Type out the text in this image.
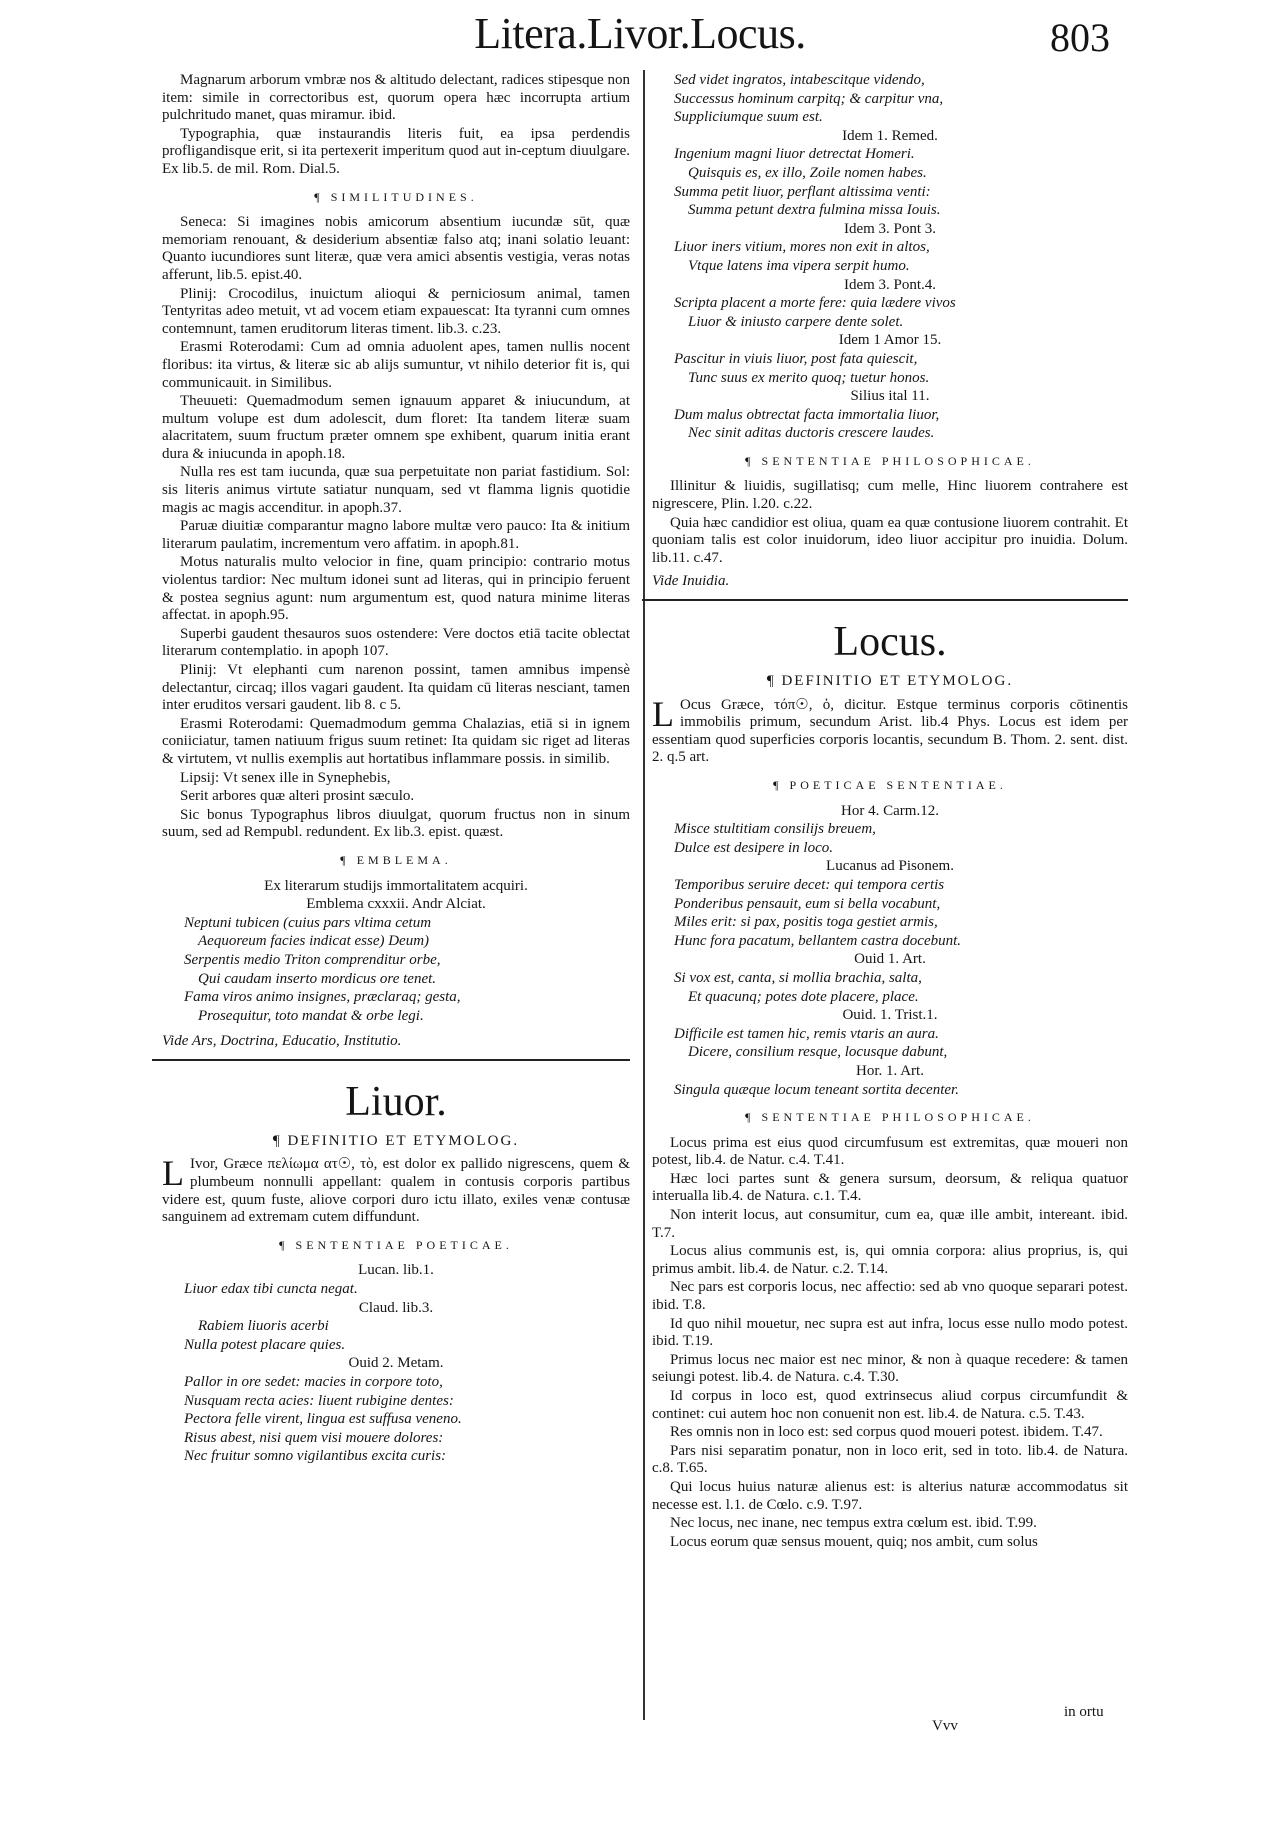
Litera.Livor.Locus.	803
Magnarum arborum vmbræ nos & altitudo delectant, radices stipesque non item: simile in correctoribus est, quorum opera hæc incorrupta artium pulchritudo manet, quas miramur. ibid.
Typographia, quæ instaurandis literis fuit, ea ipsa perdendis profligandisque erit, si ita pertexerit imperitum quod aut in-ceptum diuulgare. Ex lib.5. de mil. Rom. Dial.5.
¶ SIMILITUDINES.
Seneca: Si imagines nobis amicorum absentium iucundæ sūt, quæ memoriam renouant, & desiderium absentiæ falso atq; inani solatio leuant: Quanto iucundiores sunt literæ, quæ vera amici absentis vestigia, veras notas afferunt, lib.5. epist.40.
Plinij: Crocodilus, inuictum alioqui & perniciosum animal, tamen Tentyritas adeo metuit, vt ad vocem etiam expauescat: Ita tyranni cum omnes contemnunt, tamen eruditorum literas timent. lib.3. c.23.
Erasmi Roterodami: Cum ad omnia aduolent apes, tamen nullis nocent floribus: ita virtus, & literæ sic ab alijs sumuntur, vt nihilo deterior fit is, qui communicauit. in Similibus.
Theuueti: Quemadmodum semen ignauum apparet & iniucundum, at multum volupe est dum adolescit, dum floret: Ita tandem literæ suam alacritatem, suum fructum præter omnem spe exhibent, quarum initia erant dura & iniucunda in apoph.18.
Nulla res est tam iucunda, quæ sua perpetuitate non pariat fastidium. Sol: sis literis animus virtute satiatur nunquam, sed vt flamma lignis quotidie magis ac magis accenditur. in apoph.37.
Paruæ diuitiæ comparantur magno labore multæ vero pauco: Ita & initium literarum paulatim, incrementum vero affatim. in apoph.81.
Motus naturalis multo velocior in fine, quam principio: contrario motus violentus tardior: Nec multum idonei sunt ad literas, qui in principio feruent & postea segnius agunt: num argumentum est, quod natura minime literas affectat. in apoph.95.
Superbi gaudent thesauros suos ostendere: Vere doctos etiā tacite oblectat literarum contemplatio. in apoph 107.
Plinij: Vt elephanti cum narenon possint, tamen amnibus impensè delectantur, circaq; illos vagari gaudent. Ita quidam cū literas nesciant, tamen inter eruditos versari gaudent. lib 8. c 5.
Erasmi Roterodami: Quemadmodum gemma Chalazias, etiā si in ignem coniiciatur, tamen natiuum frigus suum retinet: Ita quidam sic riget ad literas & virtutem, vt nullis exemplis aut hortatibus inflammare possis. in similib.
Lipsij: Vt senex ille in Synephebis,
Serit arbores quæ alteri prosint sæculo.
Sic bonus Typographus libros diuulgat, quorum fructus non in sinum suum, sed ad Rempubl. redundent. Ex lib.3. epist. quæst.
¶ EMBLEMA.
Ex literarum studijs immortalitatem acquiri.
Emblema cxxxii. Andr Alciat.
Neptuni tubicen (cuius pars vltima cetum
Aequoreum facies indicat esse) Deum)
Serpentis medio Triton comprenditur orbe,
Qui caudam inserto mordicus ore tenet.
Fama viros animo insignes, præclaraq; gesta,
Prosequitur, toto mandat & orbe legi.
Vide Ars, Doctrina, Educatio, Institutio.
Liuor.
¶ DEFINITIO ET ETYMOLOG.
L Ivor, Græce πελίωμα ατ☉, τὸ, est dolor ex pallido nigrescens, quem & plumbeum nonnulli appellant: qualem in contusis corporis partibus videre est, quum fuste, aliove corpori duro ictu illato, exiles venæ contusæ sanguinem ad extremam cutem diffundunt.
¶ SENTENTIAE POETICAE.
Lucan. lib.1.
Liuor edax tibi cuncta negat.
Claud. lib.3.
Rabiem liuoris acerbi
Nulla potest placare quies.
Ouid 2. Metam.
Pallor in ore sedet: macies in corpore toto,
Nusquam recta acies: liuent rubigine dentes:
Pectora felle virent, lingua est suffusa veneno.
Risus abest, nisi quem visi mouere dolores:
Nec fruitur somno vigilantibus excita curis:
Sed videt ingratos, intabescitque videndo,
Successus hominum carpitq; & carpitur vna,
Suppliciumque suum est.
Idem 1. Remed.
Ingenium magni liuor detrectat Homeri.
Quisquis es, ex illo, Zoile nomen habes.
Summa petit liuor, perflant altissima venti:
Summa petunt dextra fulmina missa Iouis.
Idem 3. Pont 3.
Liuor iners vitium, mores non exit in altos,
Vtque latens ima vipera serpit humo.
Idem 3. Pont.4.
Scripta placent a morte fere: quia lædere vivos
Liuor & iniusto carpere dente solet.
Idem 1 Amor 15.
Pascitur in viuis liuor, post fata quiescit,
Tunc suus ex merito quoq; tuetur honos.
Silius ital 11.
Dum malus obtrectat facta immortalia liuor,
Nec sinit aditas ductoris crescere laudes.
¶ SENTENTIAE PHILOSOPHICAE.
Illinitur & liuidis, sugillatisq; cum melle, Hinc liuorem contrahere est nigrescere, Plin. l.20. c.22.
Quia hæc candidior est oliua, quam ea quæ contusione liuorem contrahit. Et quoniam talis est color inuidorum, ideo liuor accipitur pro inuidia. Dolum. lib.11. c.47.
Vide Inuidia.
Locus.
¶ DEFINITIO ET ETYMOLOG.
L Ocus Græce, τόπ☉, ὁ, dicitur. Estque terminus corporis cōtinentis immobilis primum, secundum Arist. lib.4 Phys. Locus est idem per essentiam quod superficies corporis locantis, secundum B. Thom. 2. sent. dist. 2. q.5 art.
¶ POETICAE SENTENTIAE.
Hor 4. Carm.12.
Misce stultitiam consilijs breuem,
Dulce est desipere in loco.
Lucanus ad Pisonem.
Temporibus seruire decet: qui tempora certis
Ponderibus pensauit, eum si bella vocabunt,
Miles erit: si pax, positis toga gestiet armis,
Hunc fora pacatum, bellantem castra docebunt.
Ouid 1. Art.
Si vox est, canta, si mollia brachia, salta,
Et quacunq; potes dote placere, place.
Ouid. 1. Trist.1.
Difficile est tamen hic, remis vtaris an aura.
Dicere, consilium resque, locusque dabunt,
Hor. 1. Art.
Singula quæque locum teneant sortita decenter.
¶ SENTENTIAE PHILOSOPHICAE.
Locus prima est eius quod circumfusum est extremitas, quæ moueri non potest, lib.4. de Natur. c.4. T.41.
Hæc loci partes sunt & genera sursum, deorsum, & reliqua quatuor interualla lib.4. de Natura. c.1. T.4.
Non interit locus, aut consumitur, cum ea, quæ ille ambit, intereant. ibid. T.7.
Locus alius communis est, is, qui omnia corpora: alius proprius, is, qui primus ambit. lib.4. de Natur. c.2. T.14.
Nec pars est corporis locus, nec affectio: sed ab vno quoque separari potest. ibid. T.8.
Id quo nihil mouetur, nec supra est aut infra, locus esse nullo modo potest. ibid. T.19.
Primus locus nec maior est nec minor, & non à quaque recedere: & tamen seiungi potest. lib.4. de Natura. c.4. T.30.
Id corpus in loco est, quod extrinsecus aliud corpus circumfundit & continet: cui autem hoc non conuenit non est. lib.4. de Natura. c.5. T.43.
Res omnis non in loco est: sed corpus quod moueri potest. ibidem. T.47.
Pars nisi separatim ponatur, non in loco erit, sed in toto. lib.4. de Natura. c.8. T.65.
Qui locus huius naturæ alienus est: is alterius naturæ accommodatus sit necesse est. l.1. de Cœlo. c.9. T.97.
Nec locus, nec inane, nec tempus extra cœlum est. ibid. T.99.
Locus eorum quæ sensus mouent, quiq; nos ambit, cum solus
Vvv
in ortu
